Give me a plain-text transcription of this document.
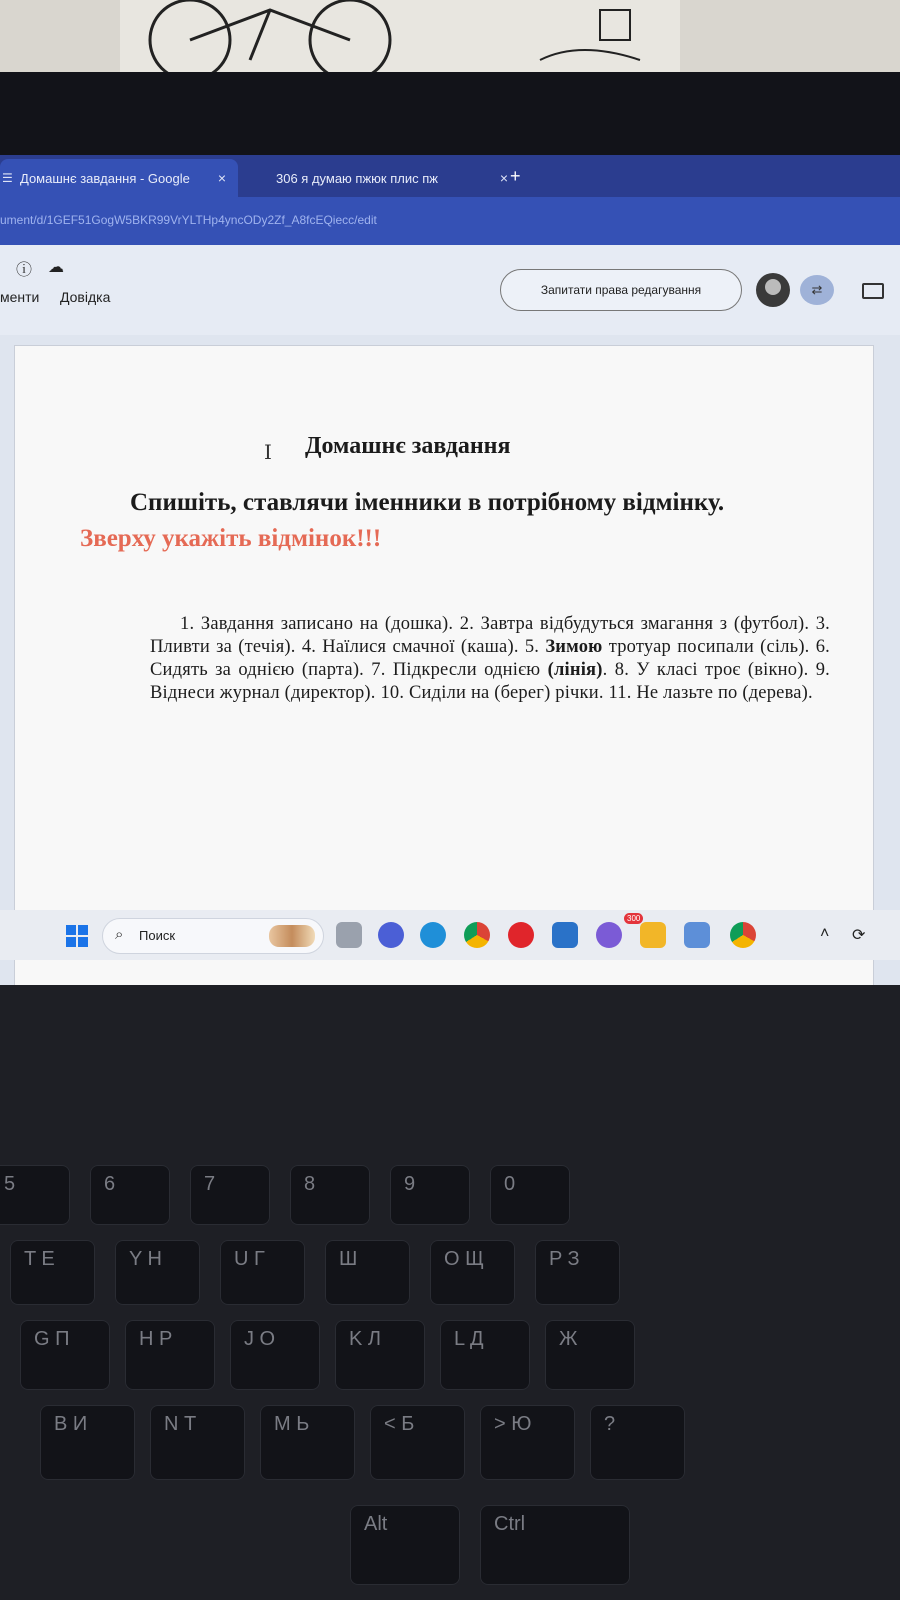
☰ Домашнє завдання - Google ×	306 я думаю пжюк плис пж	× +
ument/d/1GEF51GogW5BKR99VrYLTHp4yncODy2Zf_A8fcEQiecc/edit
ⓘ ☁
менти Довідка	Запитати права редагування	⇄
I Домашнє завдання
Спишіть, ставлячи іменники в потрібному відмінку. Зверху укажіть відмінок!!!
1. Завдання записано на (дошка). 2. Завтра відбудуться змагання з (футбол). 3. Пливти за (течія). 4. Наїлися смачної (каша). 5. Зимою тротуар посипали (сіль). 6. Сидять за однією (парта). 7. Підкресли однією (лінія). 8. У класі троє (вікно). 9. Віднеси журнал (директор). 10. Сиділи на (берег) річки. 11. Не лазьте по (дерева).
⌕ Поиск
300
˄ ⟳
5	6	7	8	9	0
T Е	Y Н	U Г	Ш	O Щ	P З
G П	H Р	J О	K Л	L Д	Ж
B И	N Т	M Ь	< Б	> Ю	?
Alt	Ctrl
